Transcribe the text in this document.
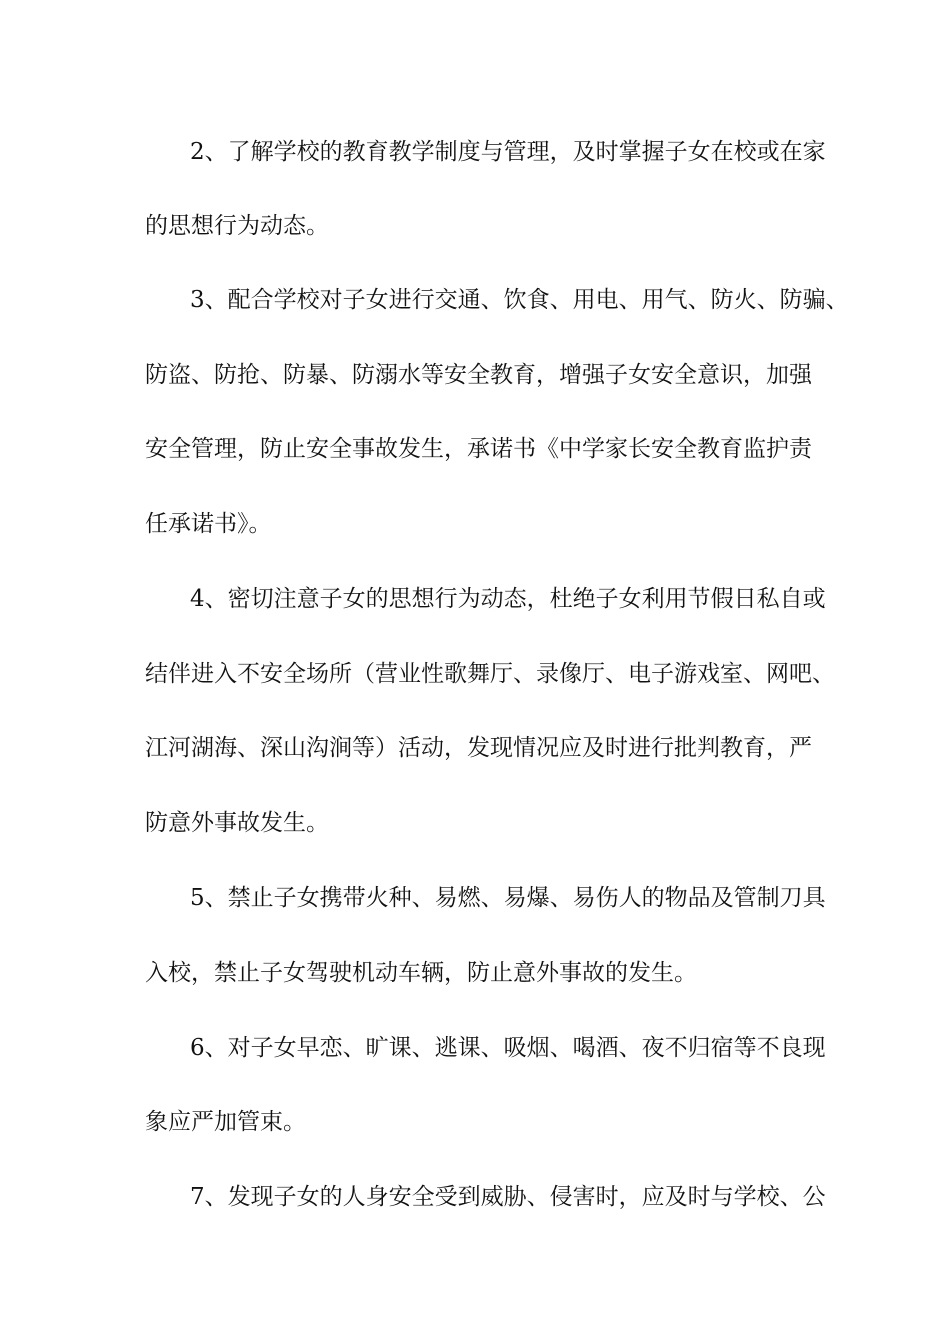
2、了解学校的教育教学制度与管理，及时掌握子女在校或在家
的思想行为动态。
3、配合学校对子女进行交通、饮食、用电、用气、防火、防骗、
防盗、防抢、防暴、防溺水等安全教育，增强子女安全意识，加强
安全管理，防止安全事故发生，承诺书《中学家长安全教育监护责
任承诺书》。
4、密切注意子女的思想行为动态，杜绝子女利用节假日私自或
结伴进入不安全场所（营业性歌舞厅、录像厅、电子游戏室、网吧、
江河湖海、深山沟涧等）活动，发现情况应及时进行批判教育，严
防意外事故发生。
5、禁止子女携带火种、易燃、易爆、易伤人的物品及管制刀具
入校，禁止子女驾驶机动车辆，防止意外事故的发生。
6、对子女早恋、旷课、逃课、吸烟、喝酒、夜不归宿等不良现
象应严加管束。
7、发现子女的人身安全受到威胁、侵害时，应及时与学校、公
